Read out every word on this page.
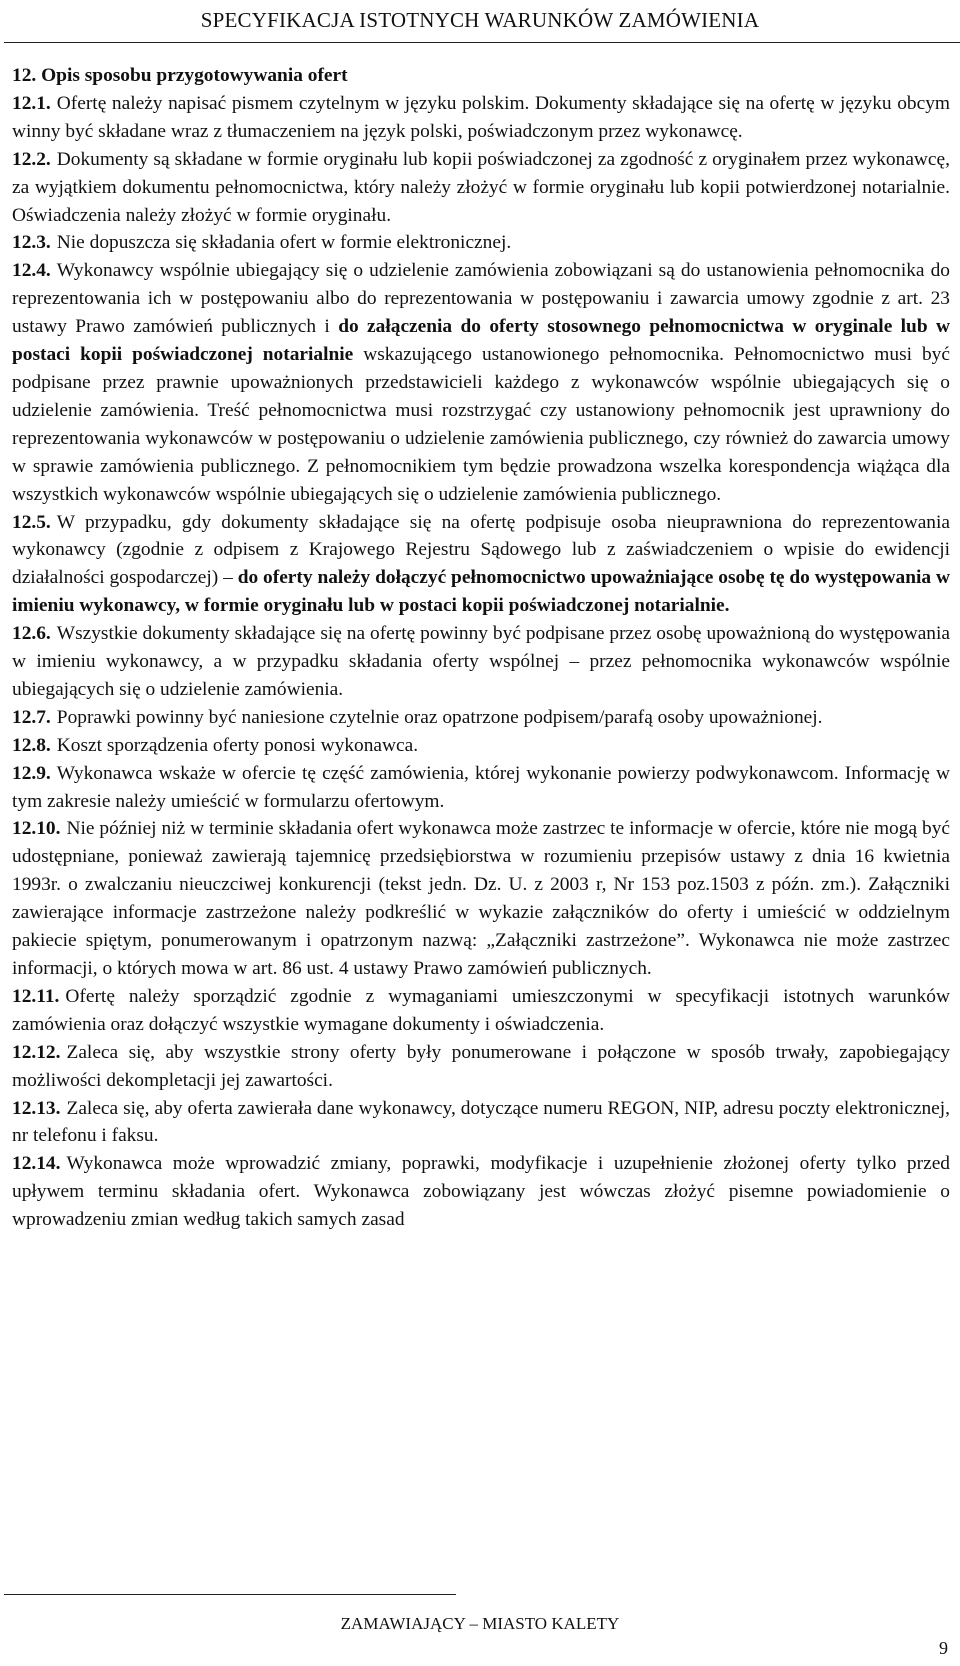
SPECYFIKACJA ISTOTNYCH WARUNKÓW ZAMÓWIENIA

12. Opis sposobu przygotowywania ofert

12.1. Ofertę należy napisać pismem czytelnym w języku polskim. Dokumenty składające się na ofertę w języku obcym winny być składane wraz z tłumaczeniem na język polski, poświadczonym przez wykonawcę.

12.2. Dokumenty są składane w formie oryginału lub kopii poświadczonej za zgodność z oryginałem przez wykonawcę, za wyjątkiem dokumentu pełnomocnictwa, który należy złożyć w formie oryginału lub kopii potwierdzonej notarialnie. Oświadczenia należy złożyć w formie oryginału.

12.3. Nie dopuszcza się składania ofert w formie elektronicznej.

12.4. Wykonawcy wspólnie ubiegający się o udzielenie zamówienia zobowiązani są do ustanowienia pełnomocnika do reprezentowania ich w postępowaniu albo do reprezentowania w postępowaniu i zawarcia umowy zgodnie z art. 23 ustawy Prawo zamówień publicznych i do załączenia do oferty stosownego pełnomocnictwa w oryginale lub w postaci kopii poświadczonej notarialnie wskazującego ustanowionego pełnomocnika. Pełnomocnictwo musi być podpisane przez prawnie upoważnionych przedstawicieli każdego z wykonawców wspólnie ubiegających się o udzielenie zamówienia. Treść pełnomocnictwa musi rozstrzygać czy ustanowiony pełnomocnik jest uprawniony do reprezentowania wykonawców w postępowaniu o udzielenie zamówienia publicznego, czy również do zawarcia umowy w sprawie zamówienia publicznego. Z pełnomocnikiem tym będzie prowadzona wszelka korespondencja wiążąca dla wszystkich wykonawców wspólnie ubiegających się o udzielenie zamówienia publicznego.

12.5. W przypadku, gdy dokumenty składające się na ofertę podpisuje osoba nieuprawniona do reprezentowania wykonawcy (zgodnie z odpisem z Krajowego Rejestru Sądowego lub z zaświadczeniem o wpisie do ewidencji działalności gospodarczej) – do oferty należy dołączyć pełnomocnictwo upoważniające osobę tę do występowania w imieniu wykonawcy, w formie oryginału lub w postaci kopii poświadczonej notarialnie.

12.6. Wszystkie dokumenty składające się na ofertę powinny być podpisane przez osobę upoważnioną do występowania w imieniu wykonawcy, a w przypadku składania oferty wspólnej – przez pełnomocnika wykonawców wspólnie ubiegających się o udzielenie zamówienia.

12.7. Poprawki powinny być naniesione czytelnie oraz opatrzone podpisem/parafą osoby upoważnionej.

12.8. Koszt sporządzenia oferty ponosi wykonawca.

12.9. Wykonawca wskaże w ofercie tę część zamówienia, której wykonanie powierzy podwykonawcom. Informację w tym zakresie należy umieścić w formularzu ofertowym.

12.10. Nie później niż w terminie składania ofert wykonawca może zastrzec te informacje w ofercie, które nie mogą być udostępniane, ponieważ zawierają tajemnicę przedsiębiorstwa w rozumieniu przepisów ustawy z dnia 16 kwietnia 1993r. o zwalczaniu nieuczciwej konkurencji (tekst jedn. Dz. U. z 2003 r, Nr 153 poz.1503 z późn. zm.). Załączniki zawierające informacje zastrzeżone należy podkreślić w wykazie załączników do oferty i umieścić w oddzielnym pakiecie spiętym, ponumerowanym i opatrzonym nazwą: „Załączniki zastrzeżone”. Wykonawca nie może zastrzec informacji, o których mowa w art. 86 ust. 4 ustawy Prawo zamówień publicznych.

12.11. Ofertę należy sporządzić zgodnie z wymaganiami umieszczonymi w specyfikacji istotnych warunków zamówienia oraz dołączyć wszystkie wymagane dokumenty i oświadczenia.

12.12. Zaleca się, aby wszystkie strony oferty były ponumerowane i połączone w sposób trwały, zapobiegający możliwości dekompletacji jej zawartości.

12.13. Zaleca się, aby oferta zawierała dane wykonawcy, dotyczące numeru REGON, NIP, adresu poczty elektronicznej, nr telefonu i faksu.

12.14. Wykonawca może wprowadzić zmiany, poprawki, modyfikacje i uzupełnienie złożonej oferty tylko przed upływem terminu składania ofert. Wykonawca zobowiązany jest wówczas złożyć pisemne powiadomienie o wprowadzeniu zmian według takich samych zasad

ZAMAWIAJĄCY – MIASTO KALETY
9
